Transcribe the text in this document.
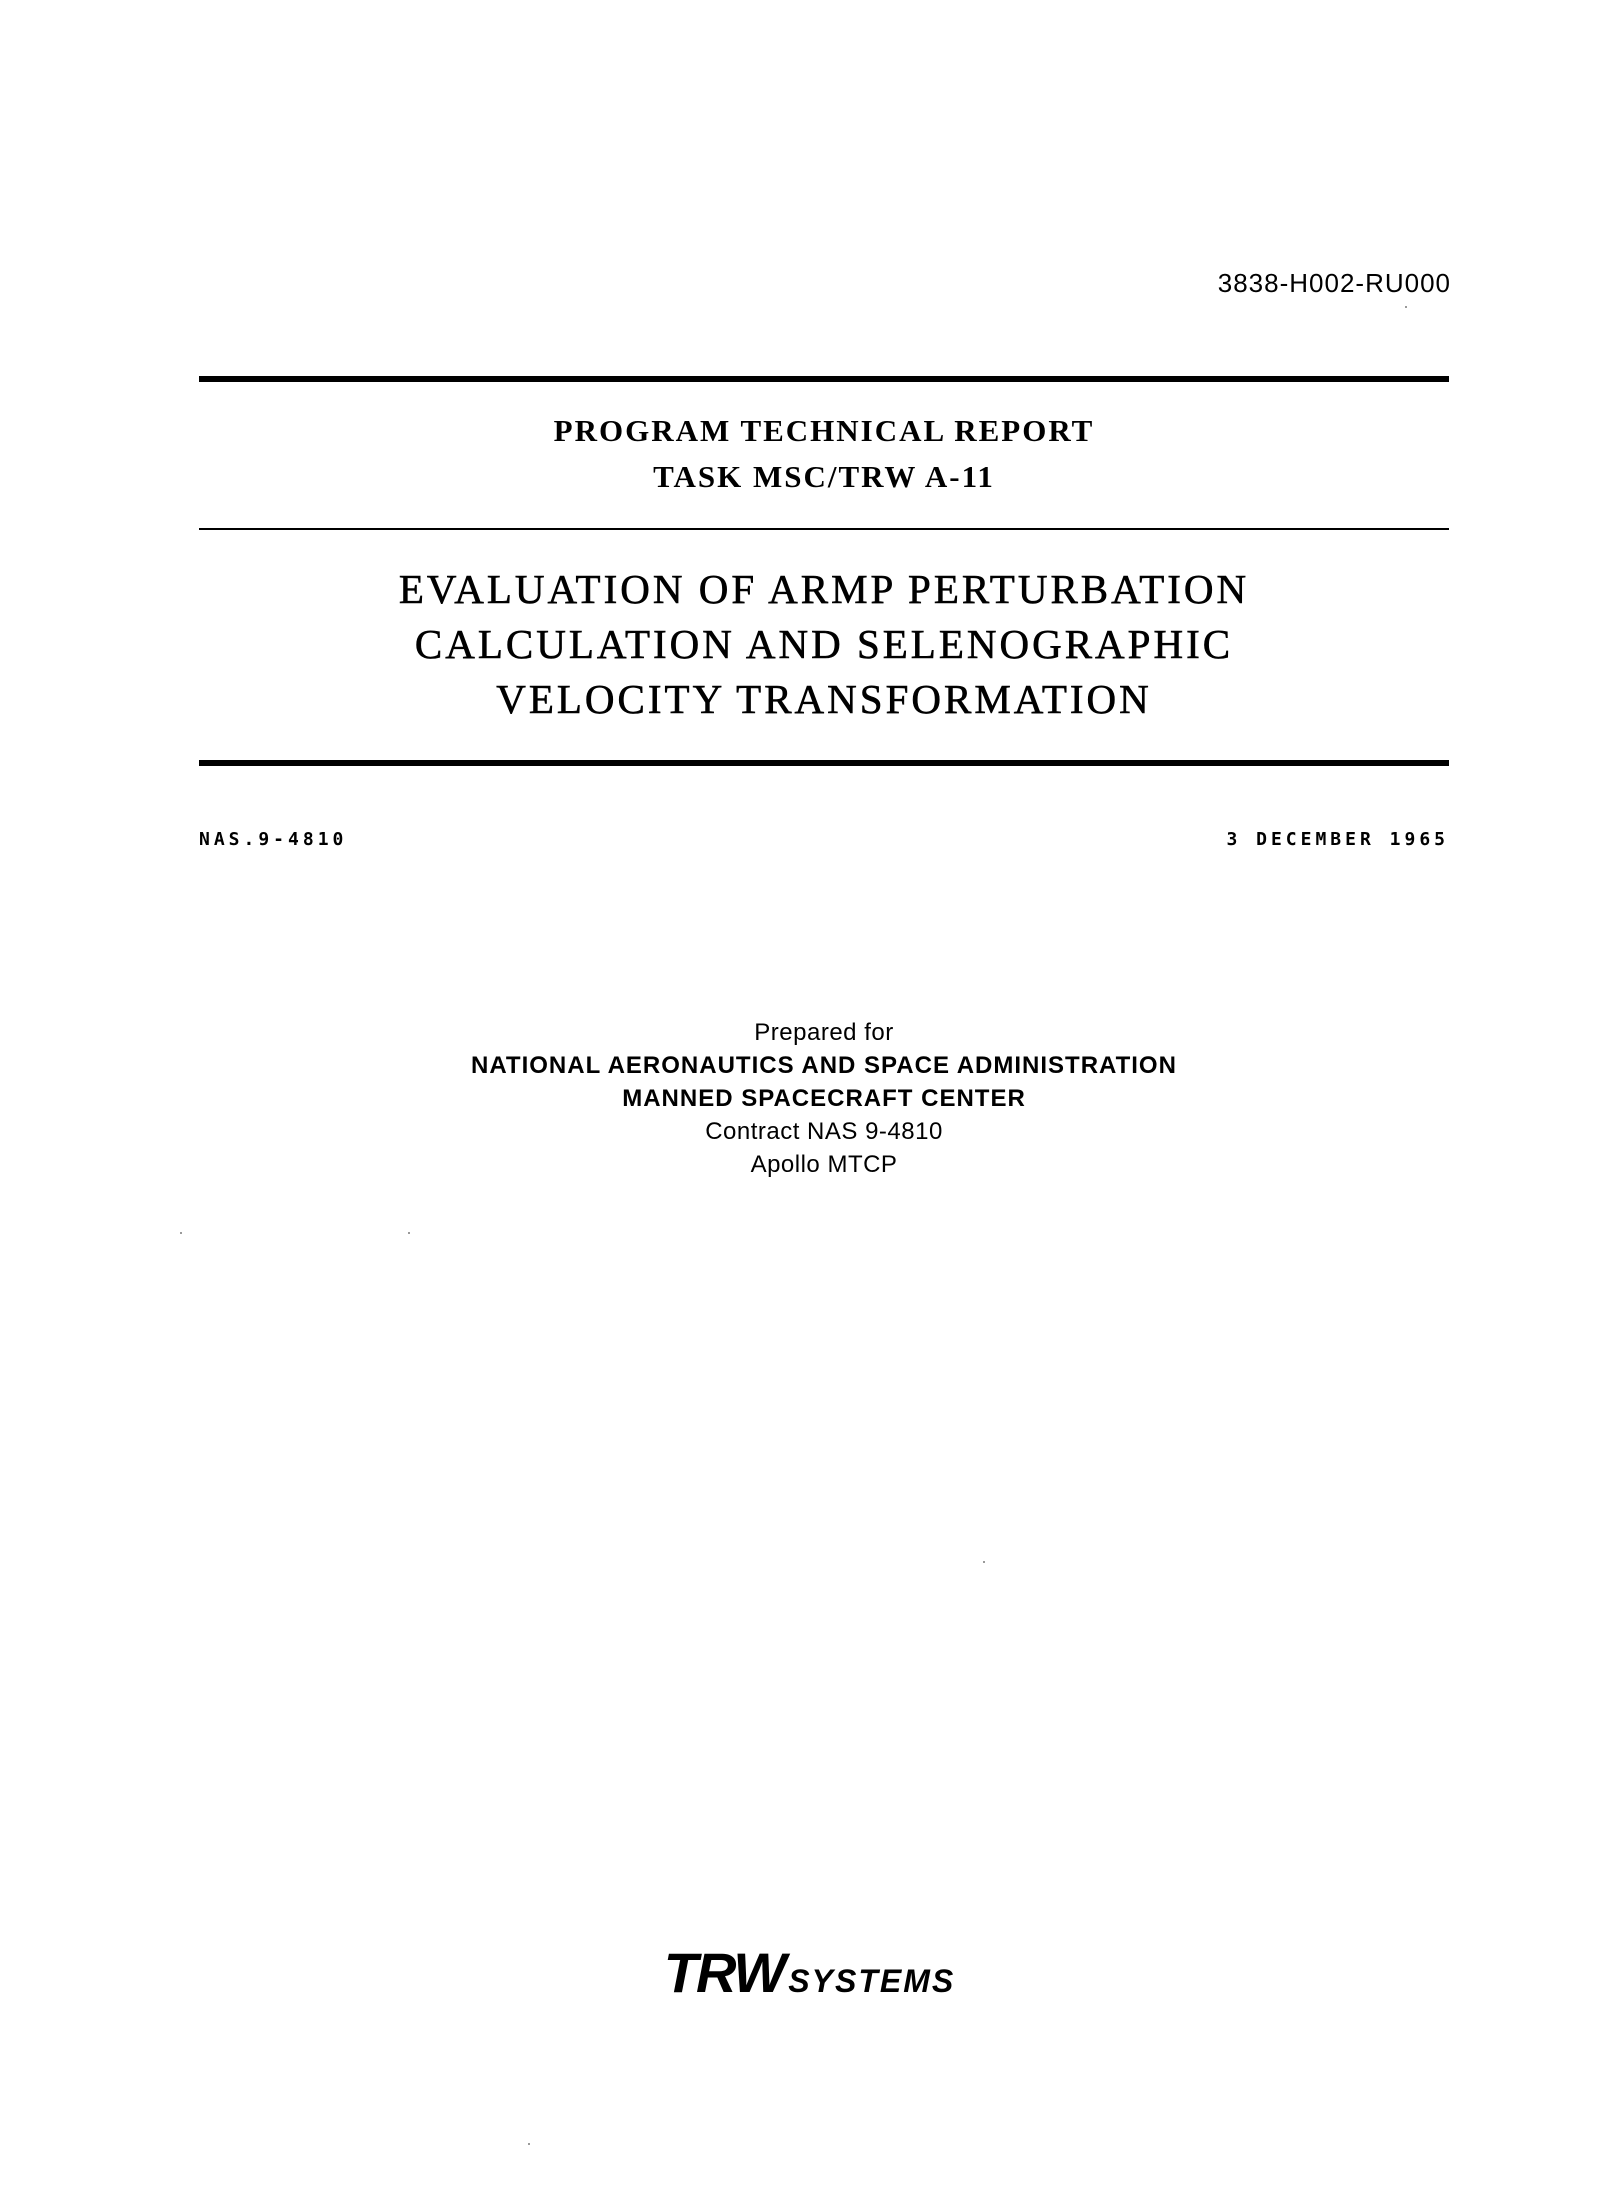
3838-H002-RU000
PROGRAM TECHNICAL REPORT
TASK MSC/TRW A-11
EVALUATION OF ARMP PERTURBATION
CALCULATION AND SELENOGRAPHIC
VELOCITY TRANSFORMATION
NAS.9-4810	3 DECEMBER 1965
Prepared for
NATIONAL AERONAUTICS AND SPACE ADMINISTRATION
MANNED SPACECRAFT CENTER
Contract NAS 9-4810
Apollo MTCP
TRW SYSTEMS
